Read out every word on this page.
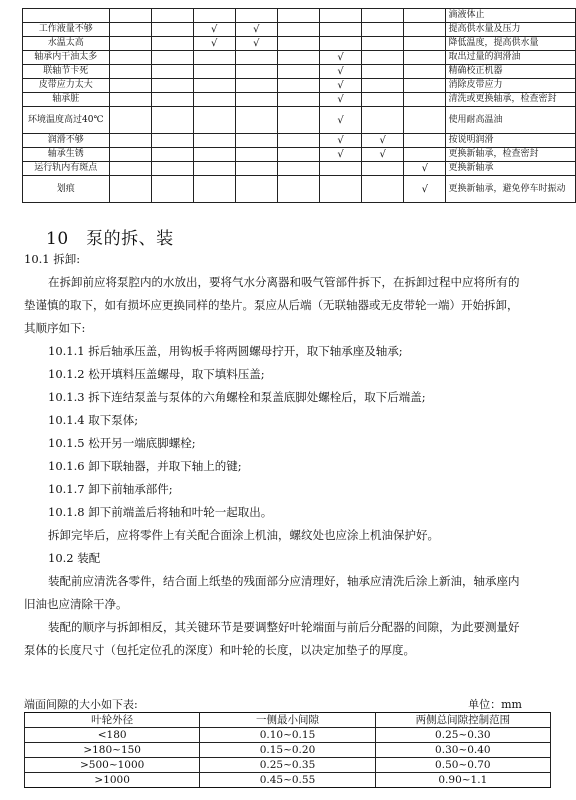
									滴液体止
工作液量不够			√	√					提高供水量及压力
水温太高			√	√					降低温度，提高供水量
轴承内干油太多						√			取出过量的润滑油
联轴节卡死						√			精确校正机器
皮带应力太大						√			消除皮带应力
轴承脏						√			清洗或更换轴承，检查密封
环境温度高过40℃						√			使用耐高温油
润滑不够						√	√		按说明润滑
轴承生锈						√	√		更换新轴承，检查密封
运行轨内有斑点								√	更换新轴承
划痕								√	更换新轴承，避免停车时振动
10　泵的拆、装
10.1 拆卸:
在拆卸前应将泵腔内的水放出，要将气水分离器和吸气管部件拆下，在拆卸过程中应将所有的
垫谨慎的取下，如有损坏应更换同样的垫片。泵应从后端（无联轴器或无皮带轮一端）开始拆卸，
其顺序如下:
10.1.1 拆后轴承压盖，用钩板手将两圆螺母拧开，取下轴承座及轴承;
10.1.2 松开填料压盖螺母，取下填料压盖;
10.1.3 拆下连结泵盖与泵体的六角螺栓和泵盖底脚处螺栓后，取下后端盖;
10.1.4 取下泵体;
10.1.5 松开另一端底脚螺栓;
10.1.6 卸下联轴器，并取下轴上的键;
10.1.7 卸下前轴承部件;
10.1.8 卸下前端盖后将轴和叶轮一起取出。
拆卸完毕后，应将零件上有关配合面涂上机油，螺纹处也应涂上机油保护好。
10.2 装配
装配前应清洗各零件，结合面上纸垫的残面部分应清理好，轴承应清洗后涂上新油，轴承座内
旧油也应清除干净。
装配的顺序与拆卸相反，其关键环节是要调整好叶轮端面与前后分配器的间隙，为此要测量好
泵体的长度尺寸（包托定位孔的深度）和叶轮的长度，以决定加垫子的厚度。
端面间隙的大小如下表:	单位：mm
叶轮外径	一侧最小间隙	两侧总间隙控制范围
<180	0.10~0.15	0.25~0.30
>180~150	0.15~0.20	0.30~0.40
>500~1000	0.25~0.35	0.50~0.70
>1000	0.45~0.55	0.90~1.1
